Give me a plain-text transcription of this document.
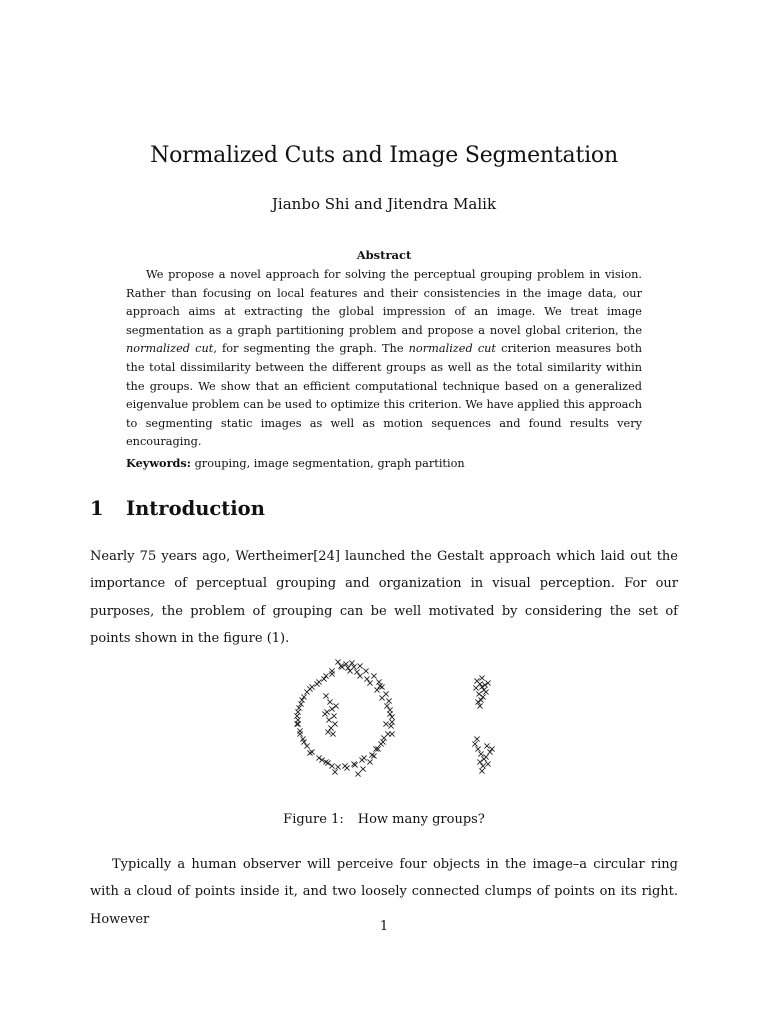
Normalized Cuts and Image Segmentation
Jianbo Shi and Jitendra Malik
Abstract

We propose a novel approach for solving the perceptual grouping problem in vision. Rather than focusing on local features and their consistencies in the image data, our approach aims at extracting the global impression of an image. We treat image segmentation as a graph partitioning problem and propose a novel global criterion, the normalized cut, for segmenting the graph. The normalized cut criterion measures both the total dissimilarity between the different groups as well as the total similarity within the groups. We show that an efficient computational technique based on a generalized eigenvalue problem can be used to optimize this criterion. We have applied this approach to segmenting static images as well as motion sequences and found results very encouraging.

Keywords: grouping, image segmentation, graph partition

1 Introduction

Nearly 75 years ago, Wertheimer[24] launched the Gestalt approach which laid out the importance of perceptual grouping and organization in visual perception. For our purposes, the problem of grouping can be well motivated by considering the set of points shown in the figure (1).

Figure 1: How many groups?

Typically a human observer will perceive four objects in the image–a circular ring with a cloud of points inside it, and two loosely connected clumps of points on its right. However	1
